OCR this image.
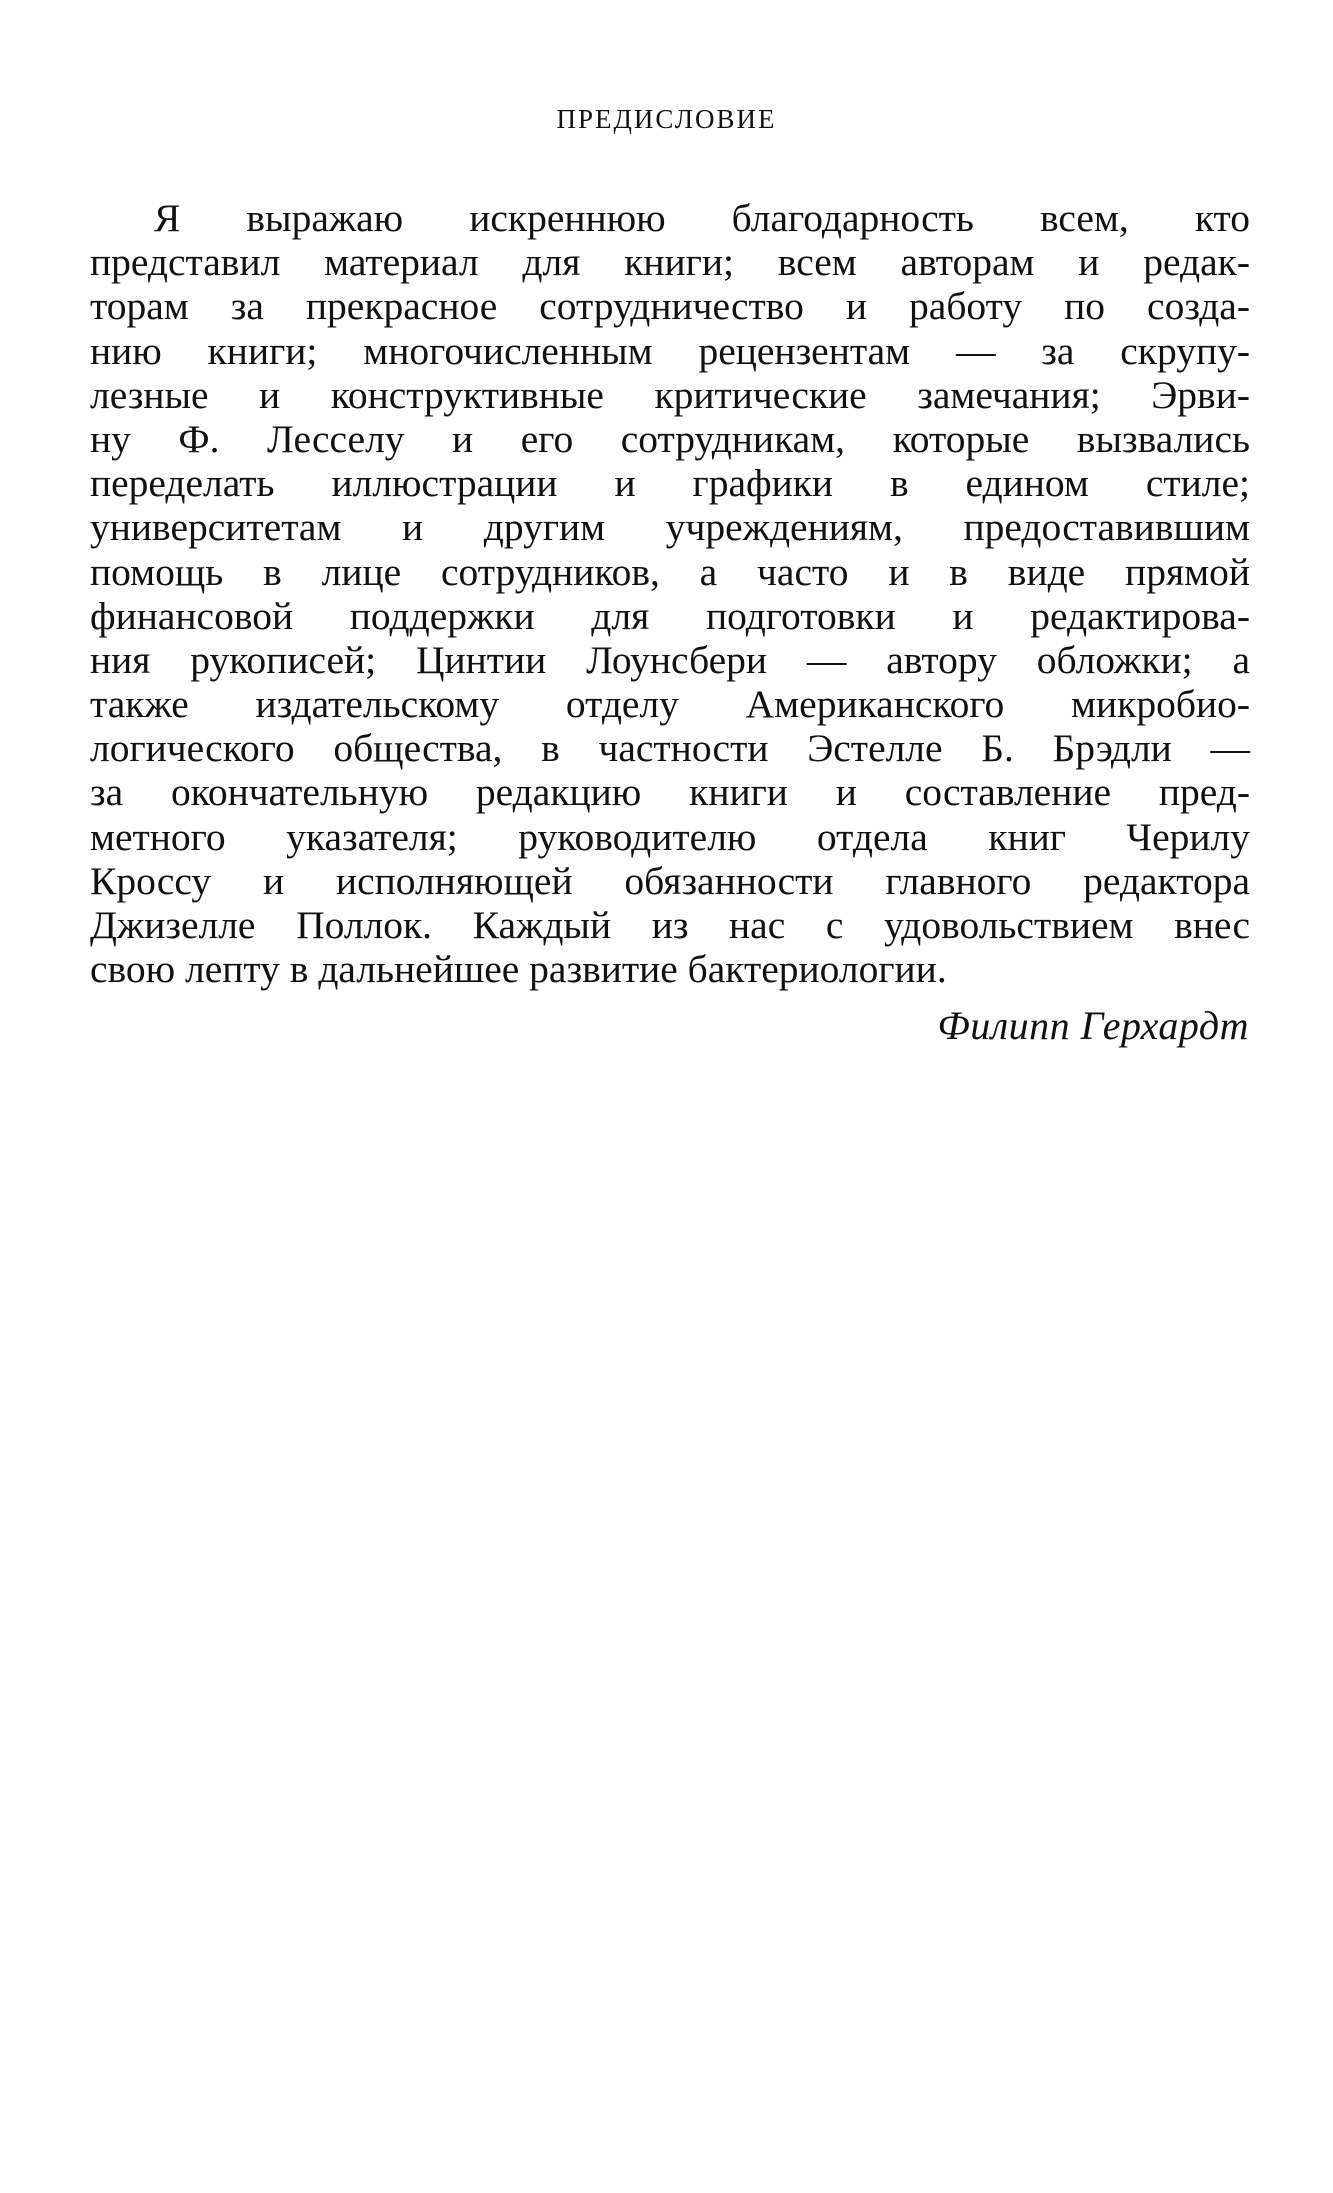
ПРЕДИСЛОВИЕ
Я выражаю искреннюю благодарность всем, кто
представил материал для книги; всем авторам и редак-
торам за прекрасное сотрудничество и работу по созда-
нию книги; многочисленным рецензентам — за скрупу-
лезные и конструктивные критические замечания; Эрви-
ну Ф. Лесселу и его сотрудникам, которые вызвались
переделать иллюстрации и графики в едином стиле;
университетам и другим учреждениям, предоставившим
помощь в лице сотрудников, а часто и в виде прямой
финансовой поддержки для подготовки и редактирова-
ния рукописей; Цинтии Лоунсбери — автору обложки; а
также издательскому отделу Американского микробио-
логического общества, в частности Эстелле Б. Брэдли —
за окончательную редакцию книги и составление пред-
метного указателя; руководителю отдела книг Черилу
Кроссу и исполняющей обязанности главного редактора
Джизелле Поллок. Каждый из нас с удовольствием внес
свою лепту в дальнейшее развитие бактериологии.
Филипп Герхардт
